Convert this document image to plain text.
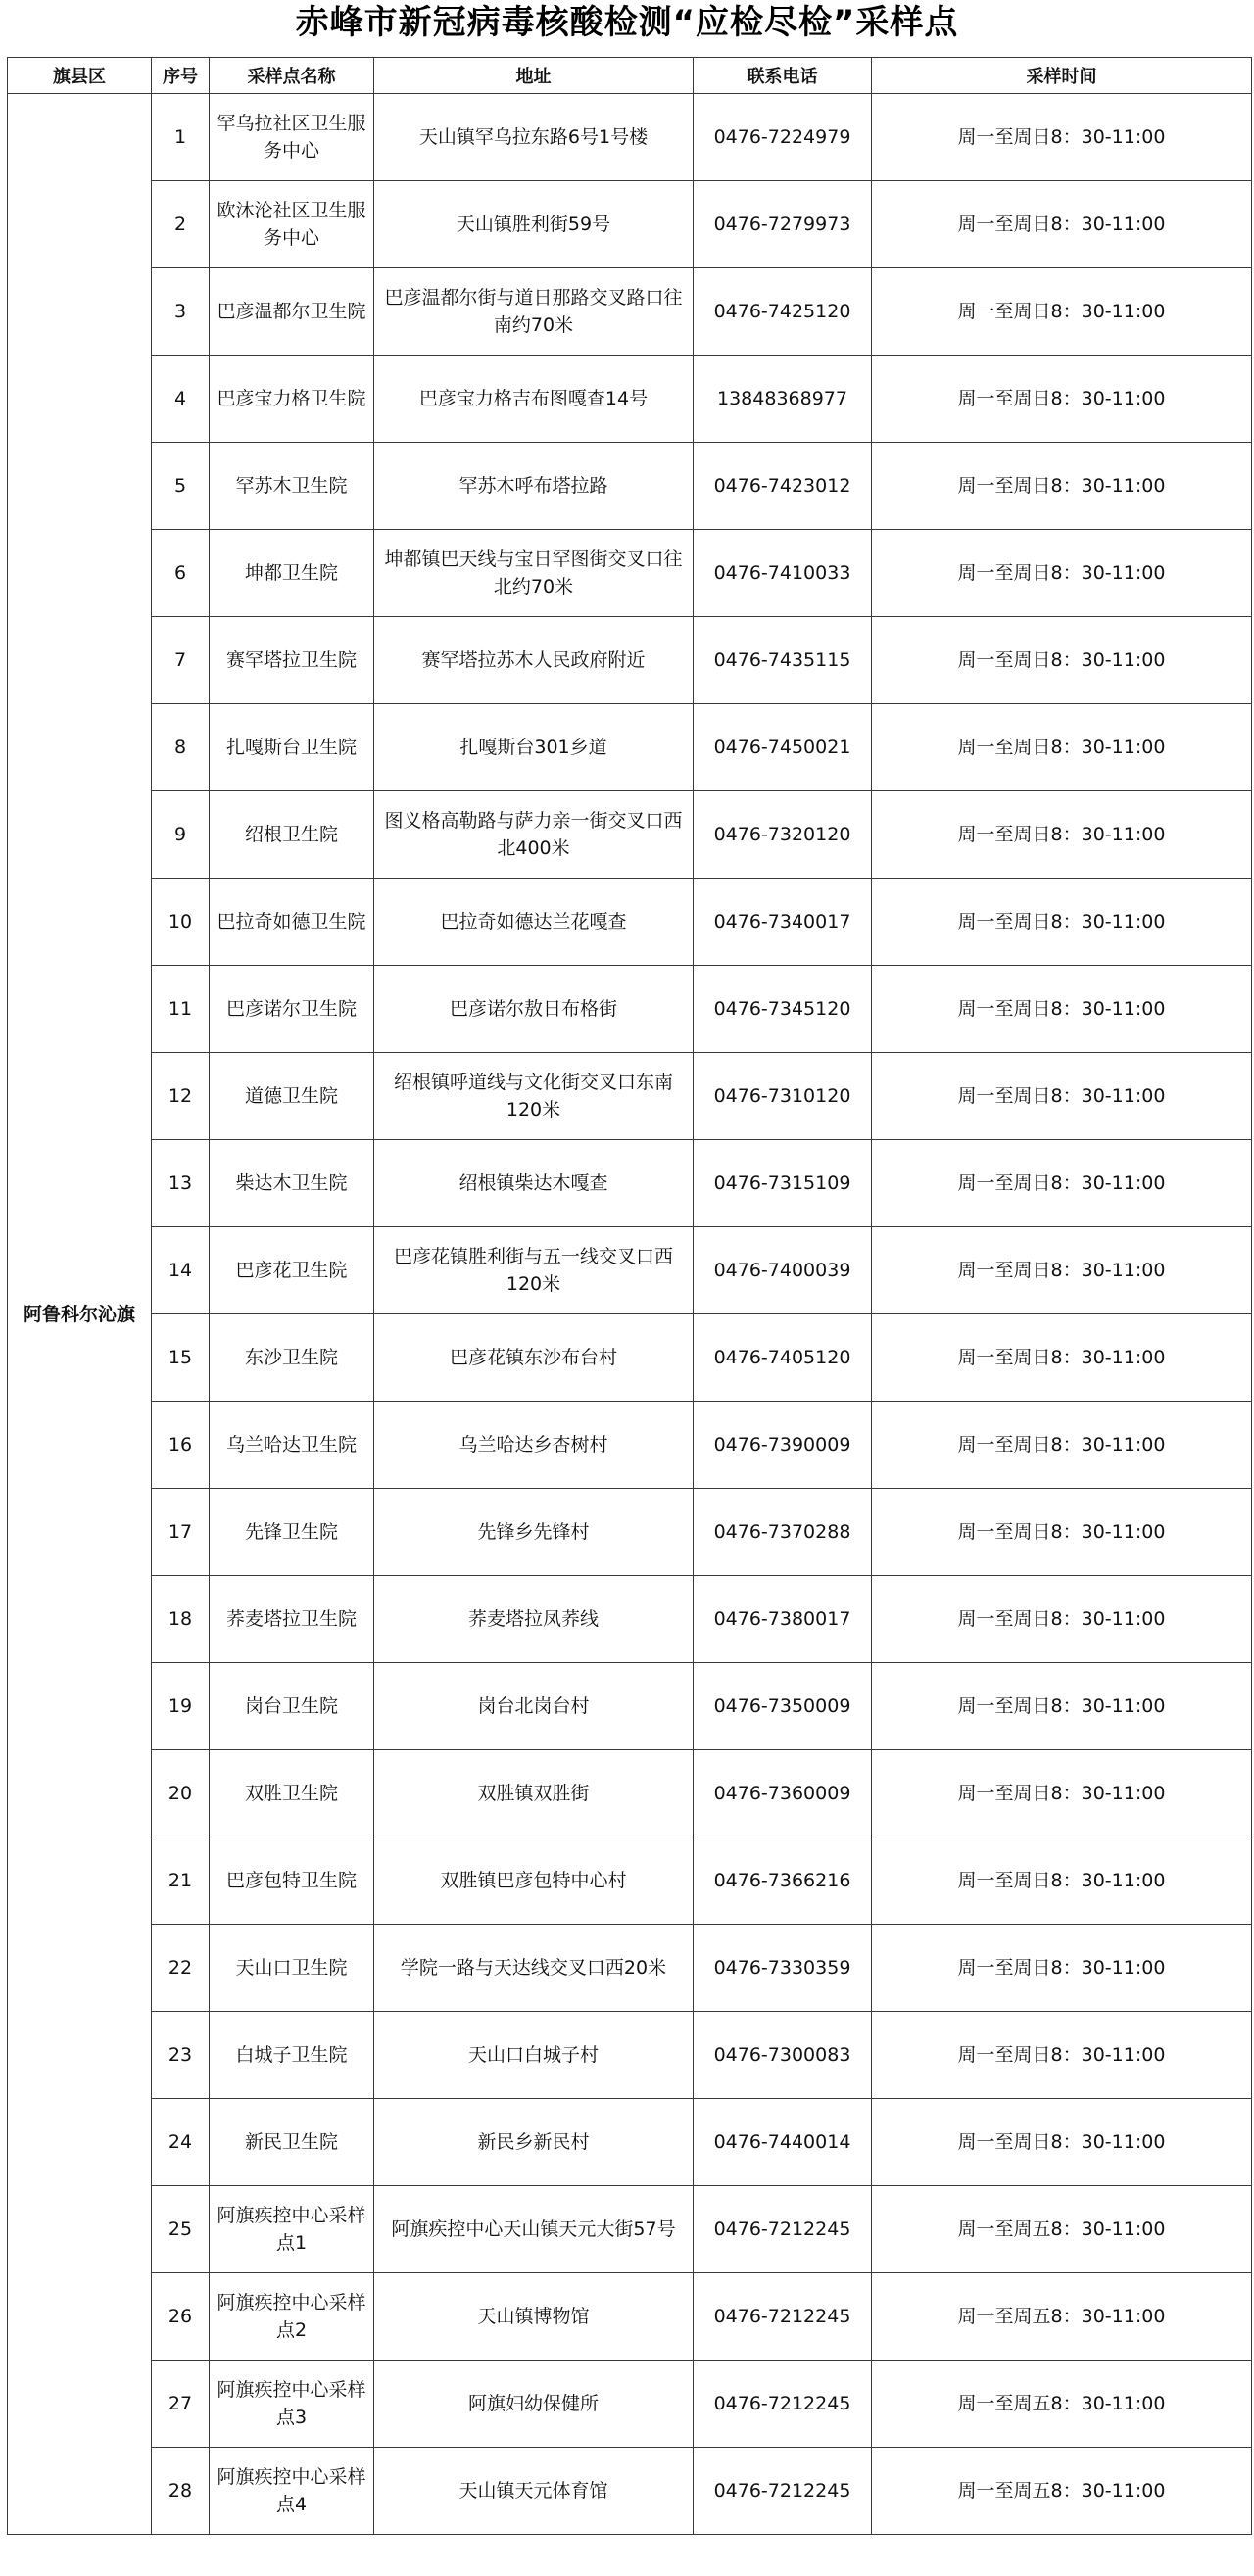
赤峰市新冠病毒核酸检测“应检尽检”采样点
旗县区	序号	采样点名称	地址	联系电话	采样时间
阿鲁科尔沁旗	1	罕乌拉社区卫生服务中心	天山镇罕乌拉东路6号1号楼	0476-7224979	周一至周日8：30-11:00
	2	欧沐沦社区卫生服务中心	天山镇胜利街59号	0476-7279973	周一至周日8：30-11:00
	3	巴彦温都尔卫生院	巴彦温都尔街与道日那路交叉路口往南约70米	0476-7425120	周一至周日8：30-11:00
	4	巴彦宝力格卫生院	巴彦宝力格吉布图嘎查14号	13848368977	周一至周日8：30-11:00
	5	罕苏木卫生院	罕苏木呼布塔拉路	0476-7423012	周一至周日8：30-11:00
	6	坤都卫生院	坤都镇巴天线与宝日罕图街交叉口往北约70米	0476-7410033	周一至周日8：30-11:00
	7	赛罕塔拉卫生院	赛罕塔拉苏木人民政府附近	0476-7435115	周一至周日8：30-11:00
	8	扎嘎斯台卫生院	扎嘎斯台301乡道	0476-7450021	周一至周日8：30-11:00
	9	绍根卫生院	图义格高勒路与萨力亲一街交叉口西北400米	0476-7320120	周一至周日8：30-11:00
	10	巴拉奇如德卫生院	巴拉奇如德达兰花嘎查	0476-7340017	周一至周日8：30-11:00
	11	巴彦诺尔卫生院	巴彦诺尔敖日布格街	0476-7345120	周一至周日8：30-11:00
	12	道德卫生院	绍根镇呼道线与文化街交叉口东南120米	0476-7310120	周一至周日8：30-11:00
	13	柴达木卫生院	绍根镇柴达木嘎查	0476-7315109	周一至周日8：30-11:00
	14	巴彦花卫生院	巴彦花镇胜利街与五一线交叉口西120米	0476-7400039	周一至周日8：30-11:00
	15	东沙卫生院	巴彦花镇东沙布台村	0476-7405120	周一至周日8：30-11:00
	16	乌兰哈达卫生院	乌兰哈达乡杏树村	0476-7390009	周一至周日8：30-11:00
	17	先锋卫生院	先锋乡先锋村	0476-7370288	周一至周日8：30-11:00
	18	荞麦塔拉卫生院	荞麦塔拉凤荞线	0476-7380017	周一至周日8：30-11:00
	19	岗台卫生院	岗台北岗台村	0476-7350009	周一至周日8：30-11:00
	20	双胜卫生院	双胜镇双胜街	0476-7360009	周一至周日8：30-11:00
	21	巴彦包特卫生院	双胜镇巴彦包特中心村	0476-7366216	周一至周日8：30-11:00
	22	天山口卫生院	学院一路与天达线交叉口西20米	0476-7330359	周一至周日8：30-11:00
	23	白城子卫生院	天山口白城子村	0476-7300083	周一至周日8：30-11:00
	24	新民卫生院	新民乡新民村	0476-7440014	周一至周日8：30-11:00
	25	阿旗疾控中心采样点1	阿旗疾控中心天山镇天元大街57号	0476-7212245	周一至周五8：30-11:00
	26	阿旗疾控中心采样点2	天山镇博物馆	0476-7212245	周一至周五8：30-11:00
	27	阿旗疾控中心采样点3	阿旗妇幼保健所	0476-7212245	周一至周五8：30-11:00
	28	阿旗疾控中心采样点4	天山镇天元体育馆	0476-7212245	周一至周五8：30-11:00
